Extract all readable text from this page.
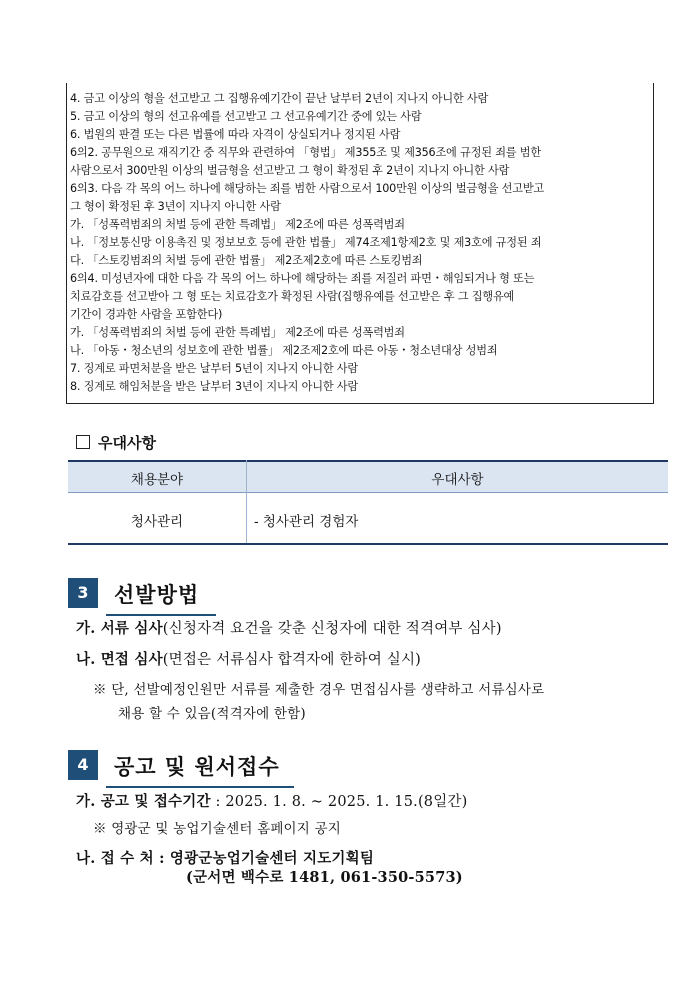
4. 금고 이상의 형을 선고받고 그 집행유예기간이 끝난 날부터 2년이 지나지 아니한 사람
5. 금고 이상의 형의 선고유예를 선고받고 그 선고유예기간 중에 있는 사람
6. 법원의 판결 또는 다른 법률에 따라 자격이 상실되거나 정지된 사람
6의2. 공무원으로 재직기간 중 직무와 관련하여 「형법」 제355조 및 제356조에 규정된 죄를 범한
사람으로서 300만원 이상의 벌금형을 선고받고 그 형이 확정된 후 2년이 지나지 아니한 사람
6의3. 다음 각 목의 어느 하나에 해당하는 죄를 범한 사람으로서 100만원 이상의 벌금형을 선고받고
그 형이 확정된 후 3년이 지나지 아니한 사람
가. 「성폭력범죄의 처벌 등에 관한 특례법」 제2조에 따른 성폭력범죄
나. 「정보통신망 이용촉진 및 정보보호 등에 관한 법률」 제74조제1항제2호 및 제3호에 규정된 죄
다. 「스토킹범죄의 처벌 등에 관한 법률」 제2조제2호에 따른 스토킹범죄
6의4. 미성년자에 대한 다음 각 목의 어느 하나에 해당하는 죄를 저질러 파면・해임되거나 형 또는
치료감호를 선고받아 그 형 또는 치료감호가 확정된 사람(집행유예를 선고받은 후 그 집행유예
기간이 경과한 사람을 포함한다)
가. 「성폭력범죄의 처벌 등에 관한 특례법」 제2조에 따른 성폭력범죄
나. 「아동・청소년의 성보호에 관한 법률」 제2조제2호에 따른 아동・청소년대상 성범죄
7. 징계로 파면처분을 받은 날부터 5년이 지나지 아니한 사람
8. 징계로 해임처분을 받은 날부터 3년이 지나지 아니한 사람
우대사항
채용분야	우대사항
청사관리	- 청사관리 경험자
3	선발방법
가. 서류 심사(신청자격 요건을 갖춘 신청자에 대한 적격여부 심사)
나. 면접 심사(면접은 서류심사 합격자에 한하여 실시)
※ 단, 선발예정인원만 서류를 제출한 경우 면접심사를 생략하고 서류심사로
채용 할 수 있음(적격자에 한함)
4	공고 및 원서접수
가. 공고 및 접수기간 : 2025. 1. 8. ~ 2025. 1. 15.(8일간)
※ 영광군 및 농업기술센터 홈페이지 공지
나. 접 수 처 : 영광군농업기술센터 지도기획팀
(군서면 백수로 1481, 061-350-5573)
